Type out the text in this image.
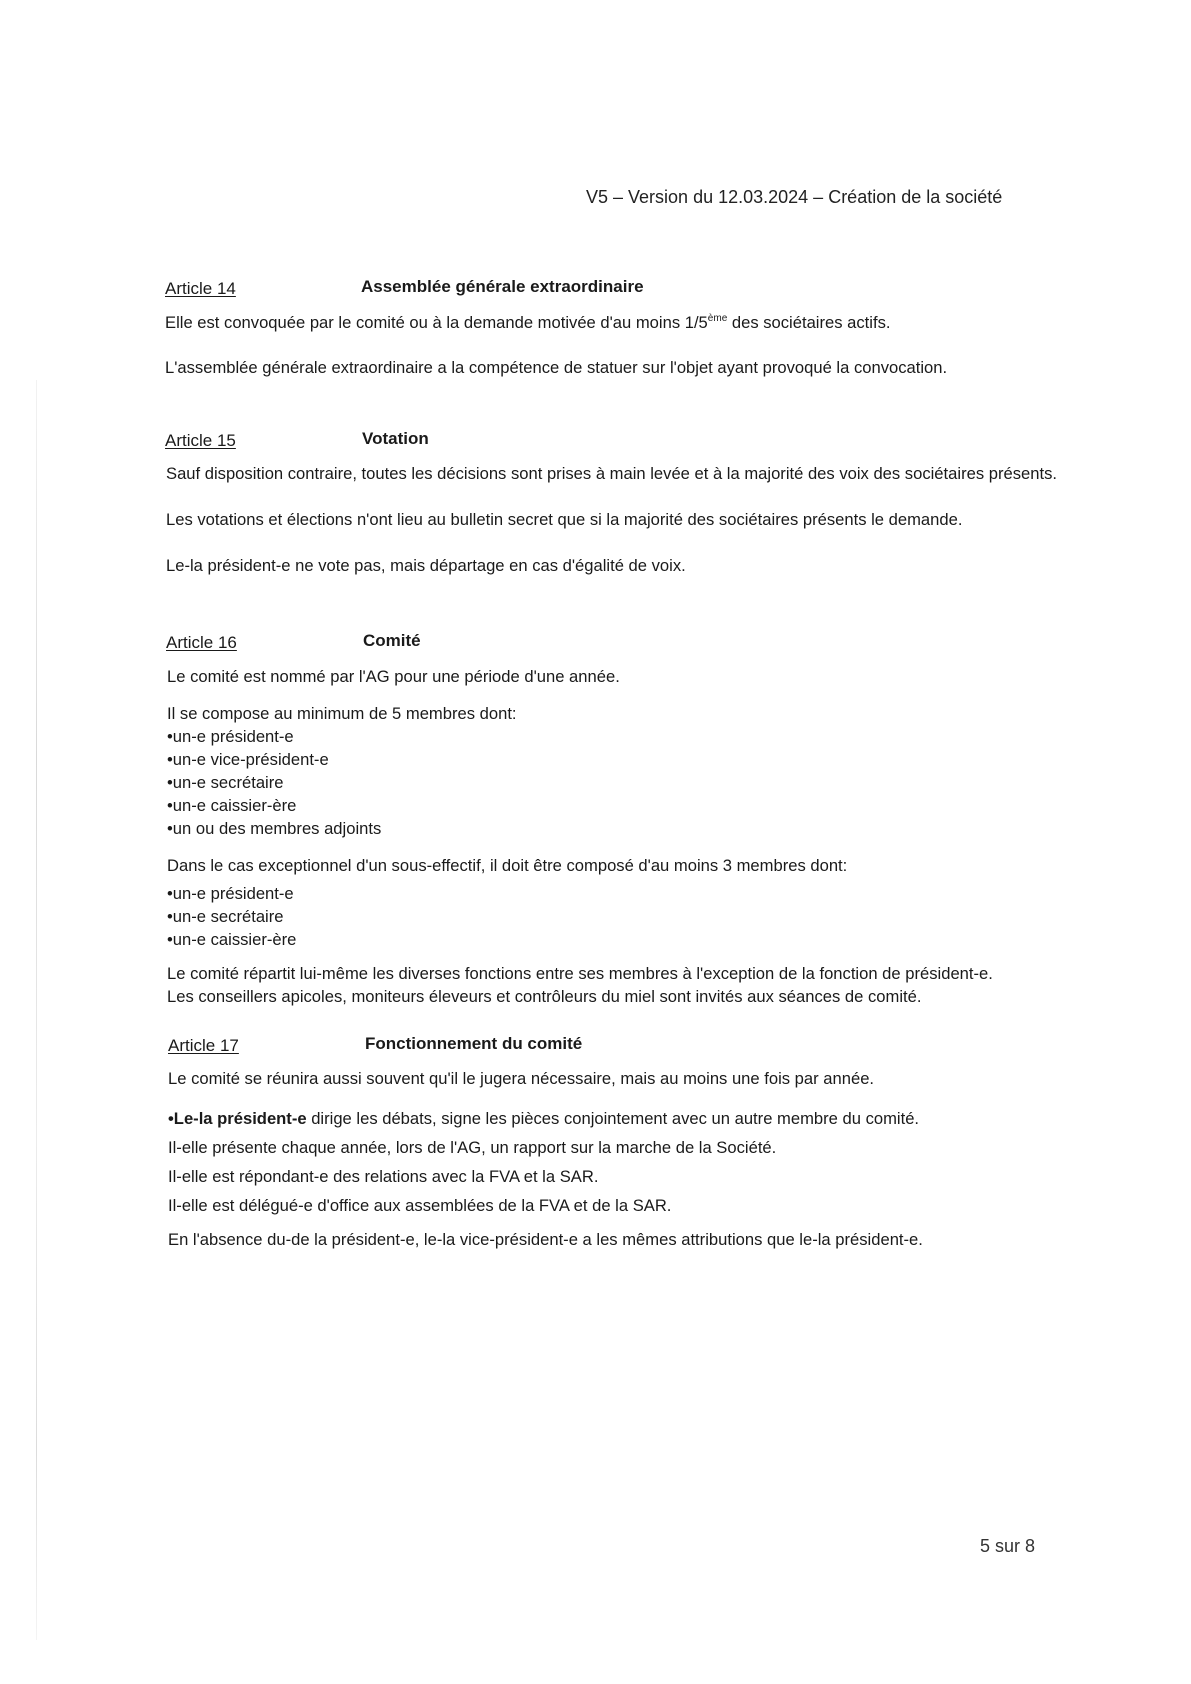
V5 – Version du 12.03.2024 – Création de la société
Article 14	Assemblée générale extraordinaire
Elle est convoquée par le comité ou à la demande motivée d'au moins 1/5ème des sociétaires actifs.
L'assemblée générale extraordinaire a la compétence de statuer sur l'objet ayant provoqué la convocation.
Article 15	Votation
Sauf disposition contraire, toutes les décisions sont prises à main levée et à la majorité des voix des sociétaires présents.
Les votations et élections n'ont lieu au bulletin secret que si la majorité des sociétaires présents le demande.
Le-la président-e ne vote pas, mais départage en cas d'égalité de voix.
Article 16	Comité
Le comité est nommé par l'AG pour une période d'une année.
Il se compose au minimum de 5 membres dont:
•un-e président-e
•un-e vice-président-e
•un-e secrétaire
•un-e caissier-ère
•un ou des membres adjoints
Dans le cas exceptionnel d'un sous-effectif, il doit être composé d'au moins 3 membres dont:
•un-e président-e
•un-e secrétaire
•un-e caissier-ère
Le comité répartit lui-même les diverses fonctions entre ses membres à l'exception de la fonction de président-e.
Les conseillers apicoles, moniteurs éleveurs et contrôleurs du miel sont invités aux séances de comité.
Article 17	Fonctionnement du comité
Le comité se réunira aussi souvent qu'il le jugera nécessaire, mais au moins une fois par année.
•Le-la président-e dirige les débats, signe les pièces conjointement avec un autre membre du comité.
Il-elle présente chaque année, lors de l'AG, un rapport sur la marche de la Société.
Il-elle est répondant-e des relations avec la FVA et la SAR.
Il-elle est délégué-e d'office aux assemblées de la FVA et de la SAR.
En l'absence du-de la président-e, le-la vice-président-e a les mêmes attributions que le-la président-e.
5 sur 8
